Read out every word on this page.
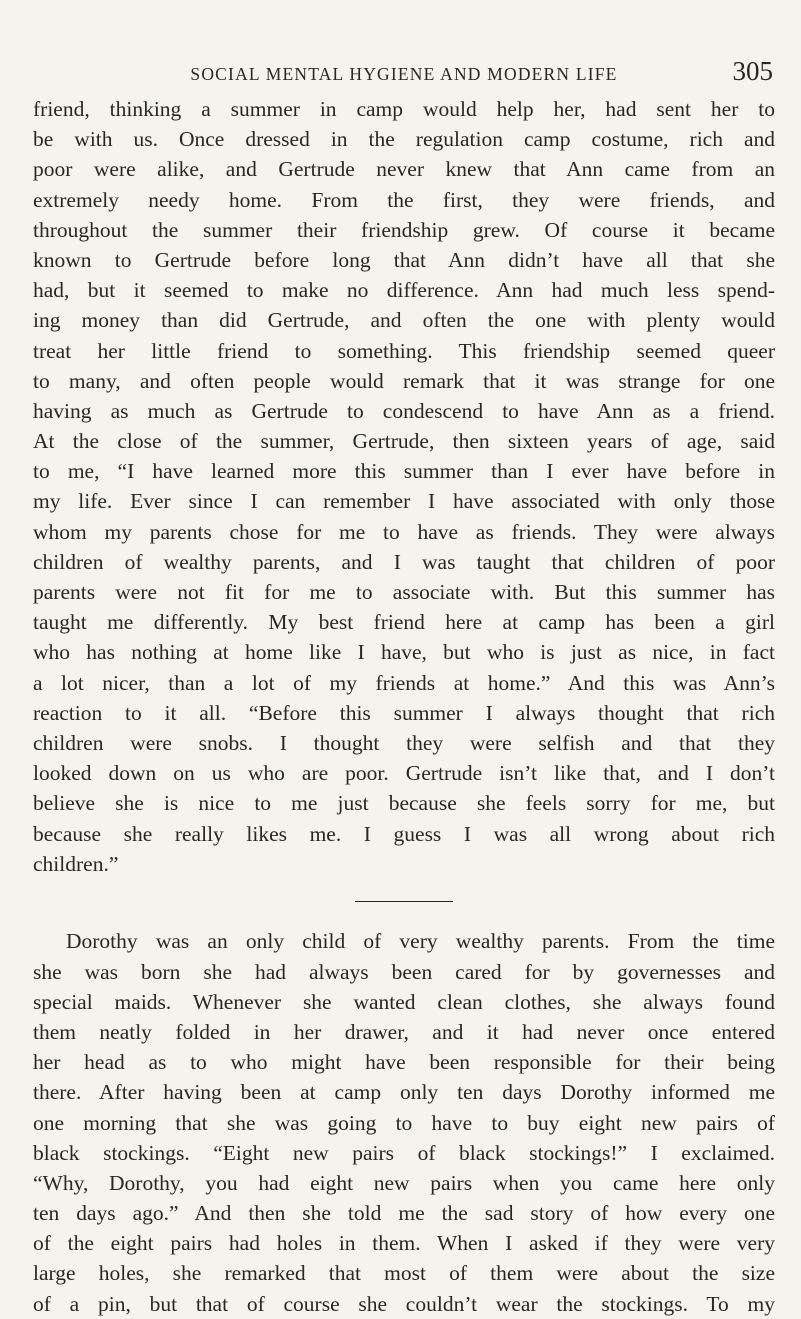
SOCIAL MENTAL HYGIENE AND MODERN LIFE	305

friend, thinking a summer in camp would help her, had sent her to
be with us. Once dressed in the regulation camp costume, rich and
poor were alike, and Gertrude never knew that Ann came from an
extremely needy home. From the first, they were friends, and
throughout the summer their friendship grew. Of course it became
known to Gertrude before long that Ann didn’t have all that she
had, but it seemed to make no difference. Ann had much less spend-
ing money than did Gertrude, and often the one with plenty would
treat her little friend to something. This friendship seemed queer
to many, and often people would remark that it was strange for one
having as much as Gertrude to condescend to have Ann as a friend.
At the close of the summer, Gertrude, then sixteen years of age, said
to me, “I have learned more this summer than I ever have before in
my life. Ever since I can remember I have associated with only those
whom my parents chose for me to have as friends. They were always
children of wealthy parents, and I was taught that children of poor
parents were not fit for me to associate with. But this summer has
taught me differently. My best friend here at camp has been a girl
who has nothing at home like I have, but who is just as nice, in fact
a lot nicer, than a lot of my friends at home.” And this was Ann’s
reaction to it all. “Before this summer I always thought that rich
children were snobs. I thought they were selfish and that they
looked down on us who are poor. Gertrude isn’t like that, and I don’t
believe she is nice to me just because she feels sorry for me, but
because she really likes me. I guess I was all wrong about rich
children.”

Dorothy was an only child of very wealthy parents. From the time
she was born she had always been cared for by governesses and
special maids. Whenever she wanted clean clothes, she always found
them neatly folded in her drawer, and it had never once entered
her head as to who might have been responsible for their being
there. After having been at camp only ten days Dorothy informed me
one morning that she was going to have to buy eight new pairs of
black stockings. “Eight new pairs of black stockings!” I exclaimed.
“Why, Dorothy, you had eight new pairs when you came here only
ten days ago.” And then she told me the sad story of how every one
of the eight pairs had holes in them. When I asked if they were very
large holes, she remarked that most of them were about the size
of a pin, but that of course she couldn’t wear the stockings. To my
